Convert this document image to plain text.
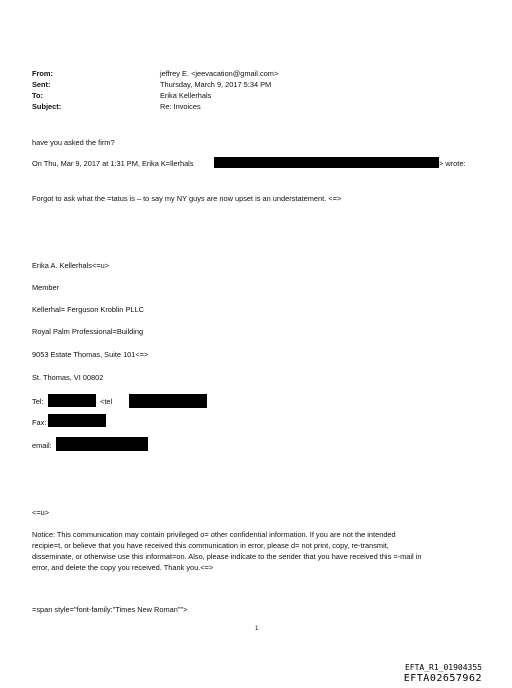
From:	jeffrey E. <jeevacation@gmail.com>
Sent:	Thursday, March 9, 2017 5:34 PM
To:	Erika Kellerhals
Subject:	Re: Invoices
have you asked the firm?
On Thu, Mar 9, 2017 at 1:31 PM, Erika K=llerhals	> wrote:
Forgot to ask what the =tatus is – to say my NY guys are now upset is an understatement. <=>
Erika A. Kellerhals<=u>
Member
Kellerhal= Ferguson Kroblin PLLC
Royal Palm Professional=Building
9053 Estate Thomas, Suite 101<=>
St. Thomas, VI 00802
Tel:	<tel
Fax:
email:
<=u>
Notice: This communication may contain privileged o= other confidential information. If you are not the intended
recipie=t, or believe that you have received this communication in error, please d= not print, copy, re-transmit,
disseminate, or otherwise use this informat=on. Also, please indicate to the sender that you have received this =-mail in
error, and delete the copy you received. Thank you.<=>
=span style="font-family:"Times New Roman"">
1
EFTA_R1_01904355
EFTA02657962
